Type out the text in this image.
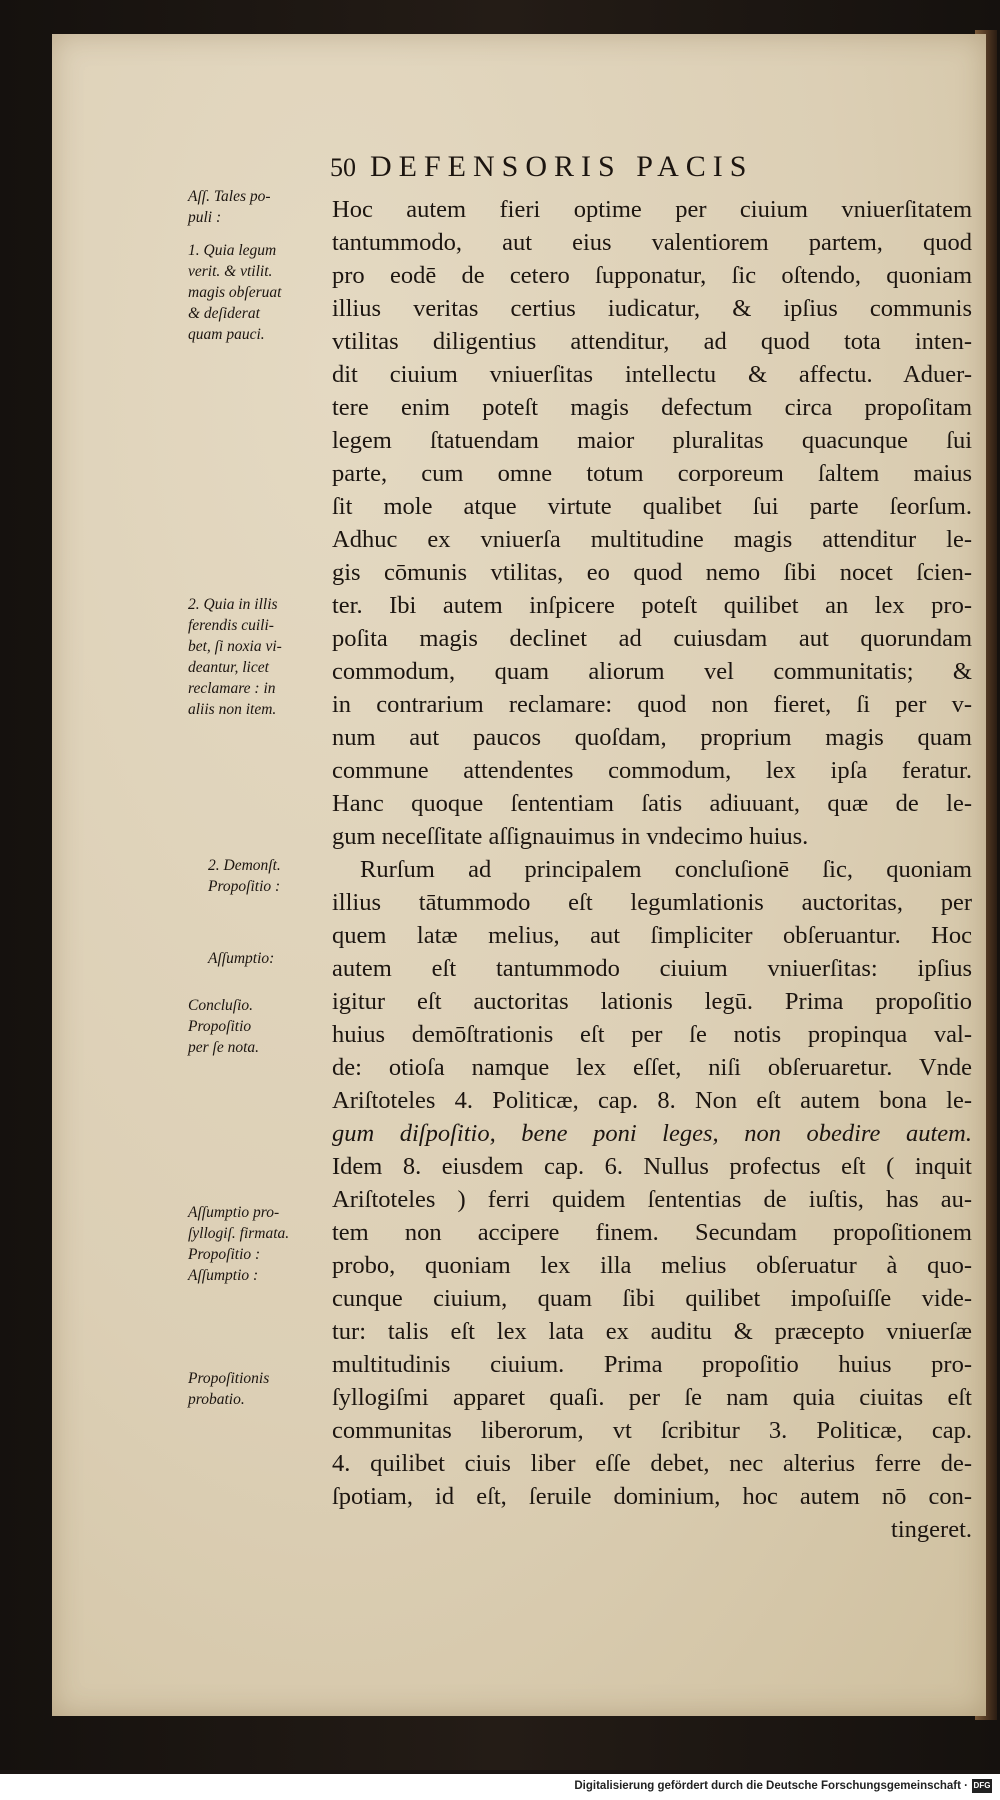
50 DEFENSORIS PACIS
Aſſ. Tales po-
puli :
1. Quia legum
verit. & vtilit.
magis obſeruat
& deſiderat
quam pauci.
2. Quia in illis
ferendis cuili-
bet, ſi noxia vi-
deantur, licet
reclamare : in
aliis non item.
2. Demonſt.
Propoſitio :
Aſſumptio:
Concluſio.
Propoſitio
per ſe nota.
Aſſumptio pro-
ſyllogiſ. firmata.
Propoſitio :
Aſſumptio :
Propoſitionis
probatio.
Hoc autem fieri optime per ciuium vniuerſitatem
tantummodo, aut eius valentiorem partem, quod
pro eodē de cetero ſupponatur, ſic oſtendo, quoniam
illius veritas certius iudicatur, & ipſius communis
vtilitas diligentius attenditur, ad quod tota inten-
dit ciuium vniuerſitas intellectu & affectu. Aduer-
tere enim poteſt magis defectum circa propoſitam
legem ſtatuendam maior pluralitas quacunque ſui
parte, cum omne totum corporeum ſaltem maius
ſit mole atque virtute qualibet ſui parte ſeorſum.
Adhuc ex vniuerſa multitudine magis attenditur le-
gis cōmunis vtilitas, eo quod nemo ſibi nocet ſcien-
ter. Ibi autem inſpicere poteſt quilibet an lex pro-
poſita magis declinet ad cuiusdam aut quorundam
commodum, quam aliorum vel communitatis; &
in contrarium reclamare: quod non fieret, ſi per v-
num aut paucos quoſdam, proprium magis quam
commune attendentes commodum, lex ipſa feratur.
Hanc quoque ſententiam ſatis adiuuant, quæ de le-
gum neceſſitate aſſignauimus in vndecimo huius.
Rurſum ad principalem concluſionē ſic, quoniam
illius tātummodo eſt legumlationis auctoritas, per
quem latæ melius, aut ſimpliciter obſeruantur. Hoc
autem eſt tantummodo ciuium vniuerſitas: ipſius
igitur eſt auctoritas lationis legū. Prima propoſitio
huius demōſtrationis eſt per ſe notis propinqua val-
de: otioſa namque lex eſſet, niſi obſeruaretur. Vnde
Ariſtoteles 4. Politicæ, cap. 8. Non eſt autem bona le-
gum diſpoſitio, bene poni leges, non obedire autem.
Idem 8. eiusdem cap. 6. Nullus profectus eſt ( inquit
Ariſtoteles ) ferri quidem ſententias de iuſtis, has au-
tem non accipere finem. Secundam propoſitionem
probo, quoniam lex illa melius obſeruatur à quo-
cunque ciuium, quam ſibi quilibet impoſuiſſe vide-
tur: talis eſt lex lata ex auditu & præcepto vniuerſæ
multitudinis ciuium. Prima propoſitio huius pro-
ſyllogiſmi apparet quaſi. per ſe nam quia ciuitas eſt
communitas liberorum, vt ſcribitur 3. Politicæ, cap.
4. quilibet ciuis liber eſſe debet, nec alterius ferre de-
ſpotiam, id eſt, ſeruile dominium, hoc autem nō con-
tingeret.
Digitalisierung gefördert durch die Deutsche Forschungsgemeinschaft · DFG
